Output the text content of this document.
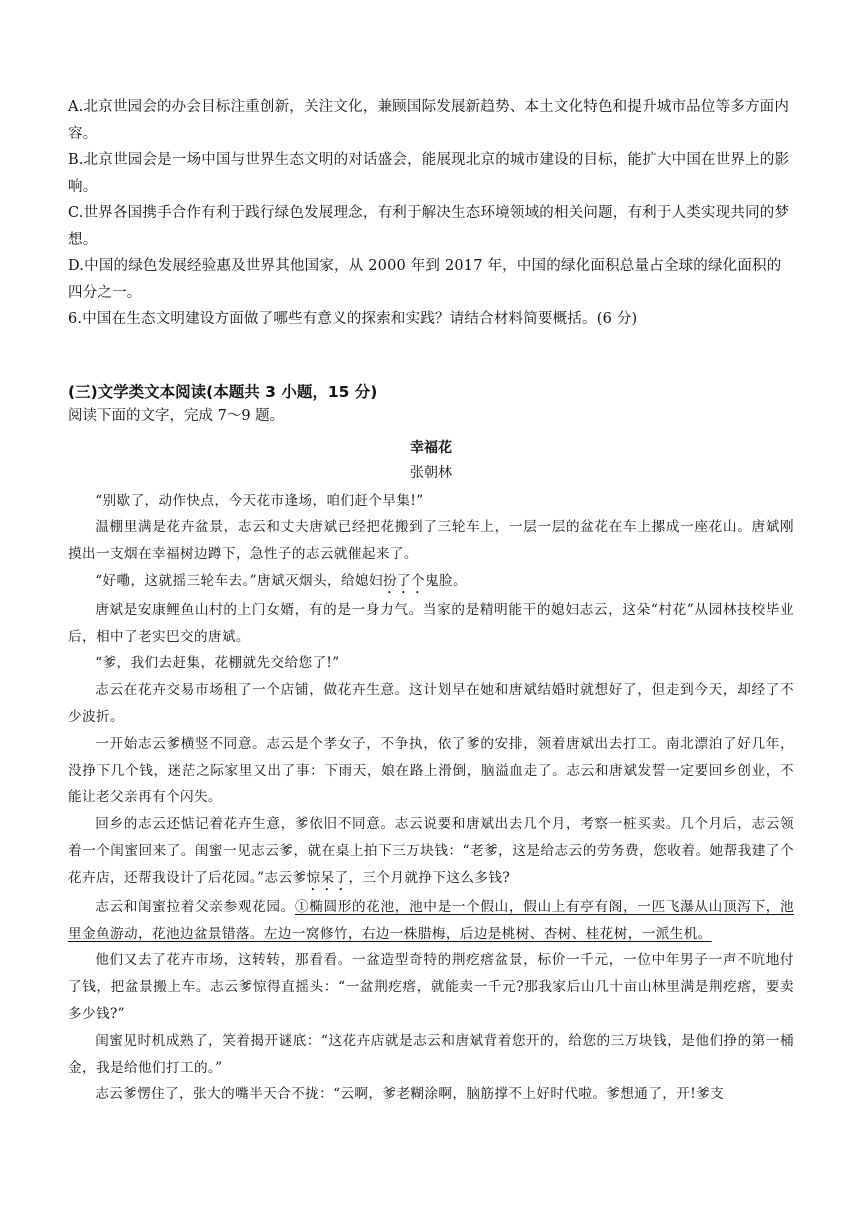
A.北京世园会的办会目标注重创新，关注文化，兼顾国际发展新趋势、本土文化特色和提升城市品位等多方面内容。

B.北京世园会是一场中国与世界生态文明的对话盛会，能展现北京的城市建设的目标，能扩大中国在世界上的影响。

C.世界各国携手合作有利于践行绿色发展理念，有利于解决生态环境领域的相关问题，有利于人类实现共同的梦想。

D.中国的绿色发展经验惠及世界其他国家，从 2000 年到 2017 年，中国的绿化面积总量占全球的绿化面积的四分之一。

6.中国在生态文明建设方面做了哪些有意义的探索和实践？请结合材料简要概括。(6 分)

(三)文学类文本阅读(本题共 3 小题，15 分)

阅读下面的文字，完成 7～9 题。

幸福花

张朝林

“别歇了，动作快点，今天花市逢场，咱们赶个早集!”

温棚里满是花卉盆景，志云和丈夫唐斌已经把花搬到了三轮车上，一层一层的盆花在车上摞成一座花山。唐斌刚摸出一支烟在幸福树边蹲下，急性子的志云就催起来了。

“好嘞，这就摇三轮车去。”唐斌灭烟头，给媳妇扮了个鬼脸。

唐斌是安康鲤鱼山村的上门女婿，有的是一身力气。当家的是精明能干的媳妇志云，这朵“村花”从园林技校毕业后，相中了老实巴交的唐斌。

“爹，我们去赶集，花棚就先交给您了!”

志云在花卉交易市场租了一个店铺，做花卉生意。这计划早在她和唐斌结婚时就想好了，但走到今天，却经了不少波折。

一开始志云爹横竖不同意。志云是个孝女子，不争执，依了爹的安排，领着唐斌出去打工。南北漂泊了好几年，没挣下几个钱，迷茫之际家里又出了事：下雨天，娘在路上滑倒，脑溢血走了。志云和唐斌发誓一定要回乡创业，不能让老父亲再有个闪失。

回乡的志云还惦记着花卉生意，爹依旧不同意。志云说要和唐斌出去几个月，考察一桩买卖。几个月后，志云领着一个闺蜜回来了。闺蜜一见志云爹，就在桌上拍下三万块钱：“老爹，这是给志云的劳务费，您收着。她帮我建了个花卉店，还帮我设计了后花园。”志云爹惊呆了，三个月就挣下这么多钱?

志云和闺蜜拉着父亲参观花园。①椭圆形的花池，池中是一个假山，假山上有亭有阁，一匹飞瀑从山顶泻下，池里金鱼游动，花池边盆景错落。左边一窝修竹，右边一株腊梅，后边是桃树、杏树、桂花树，一派生机。

他们又去了花卉市场，这转转，那看看。一盆造型奇特的荆疙瘩盆景，标价一千元，一位中年男子一声不吭地付了钱，把盆景搬上车。志云爹惊得直摇头：“一盆荆疙瘩，就能卖一千元?那我家后山几十亩山林里满是荆疙瘩，要卖多少钱?”

闺蜜见时机成熟了，笑着揭开谜底：“这花卉店就是志云和唐斌背着您开的，给您的三万块钱，是他们挣的第一桶金，我是给他们打工的。”

志云爹愣住了，张大的嘴半天合不拢：“云啊，爹老糊涂啊，脑筋撑不上好时代啦。爹想通了，开!爹支
